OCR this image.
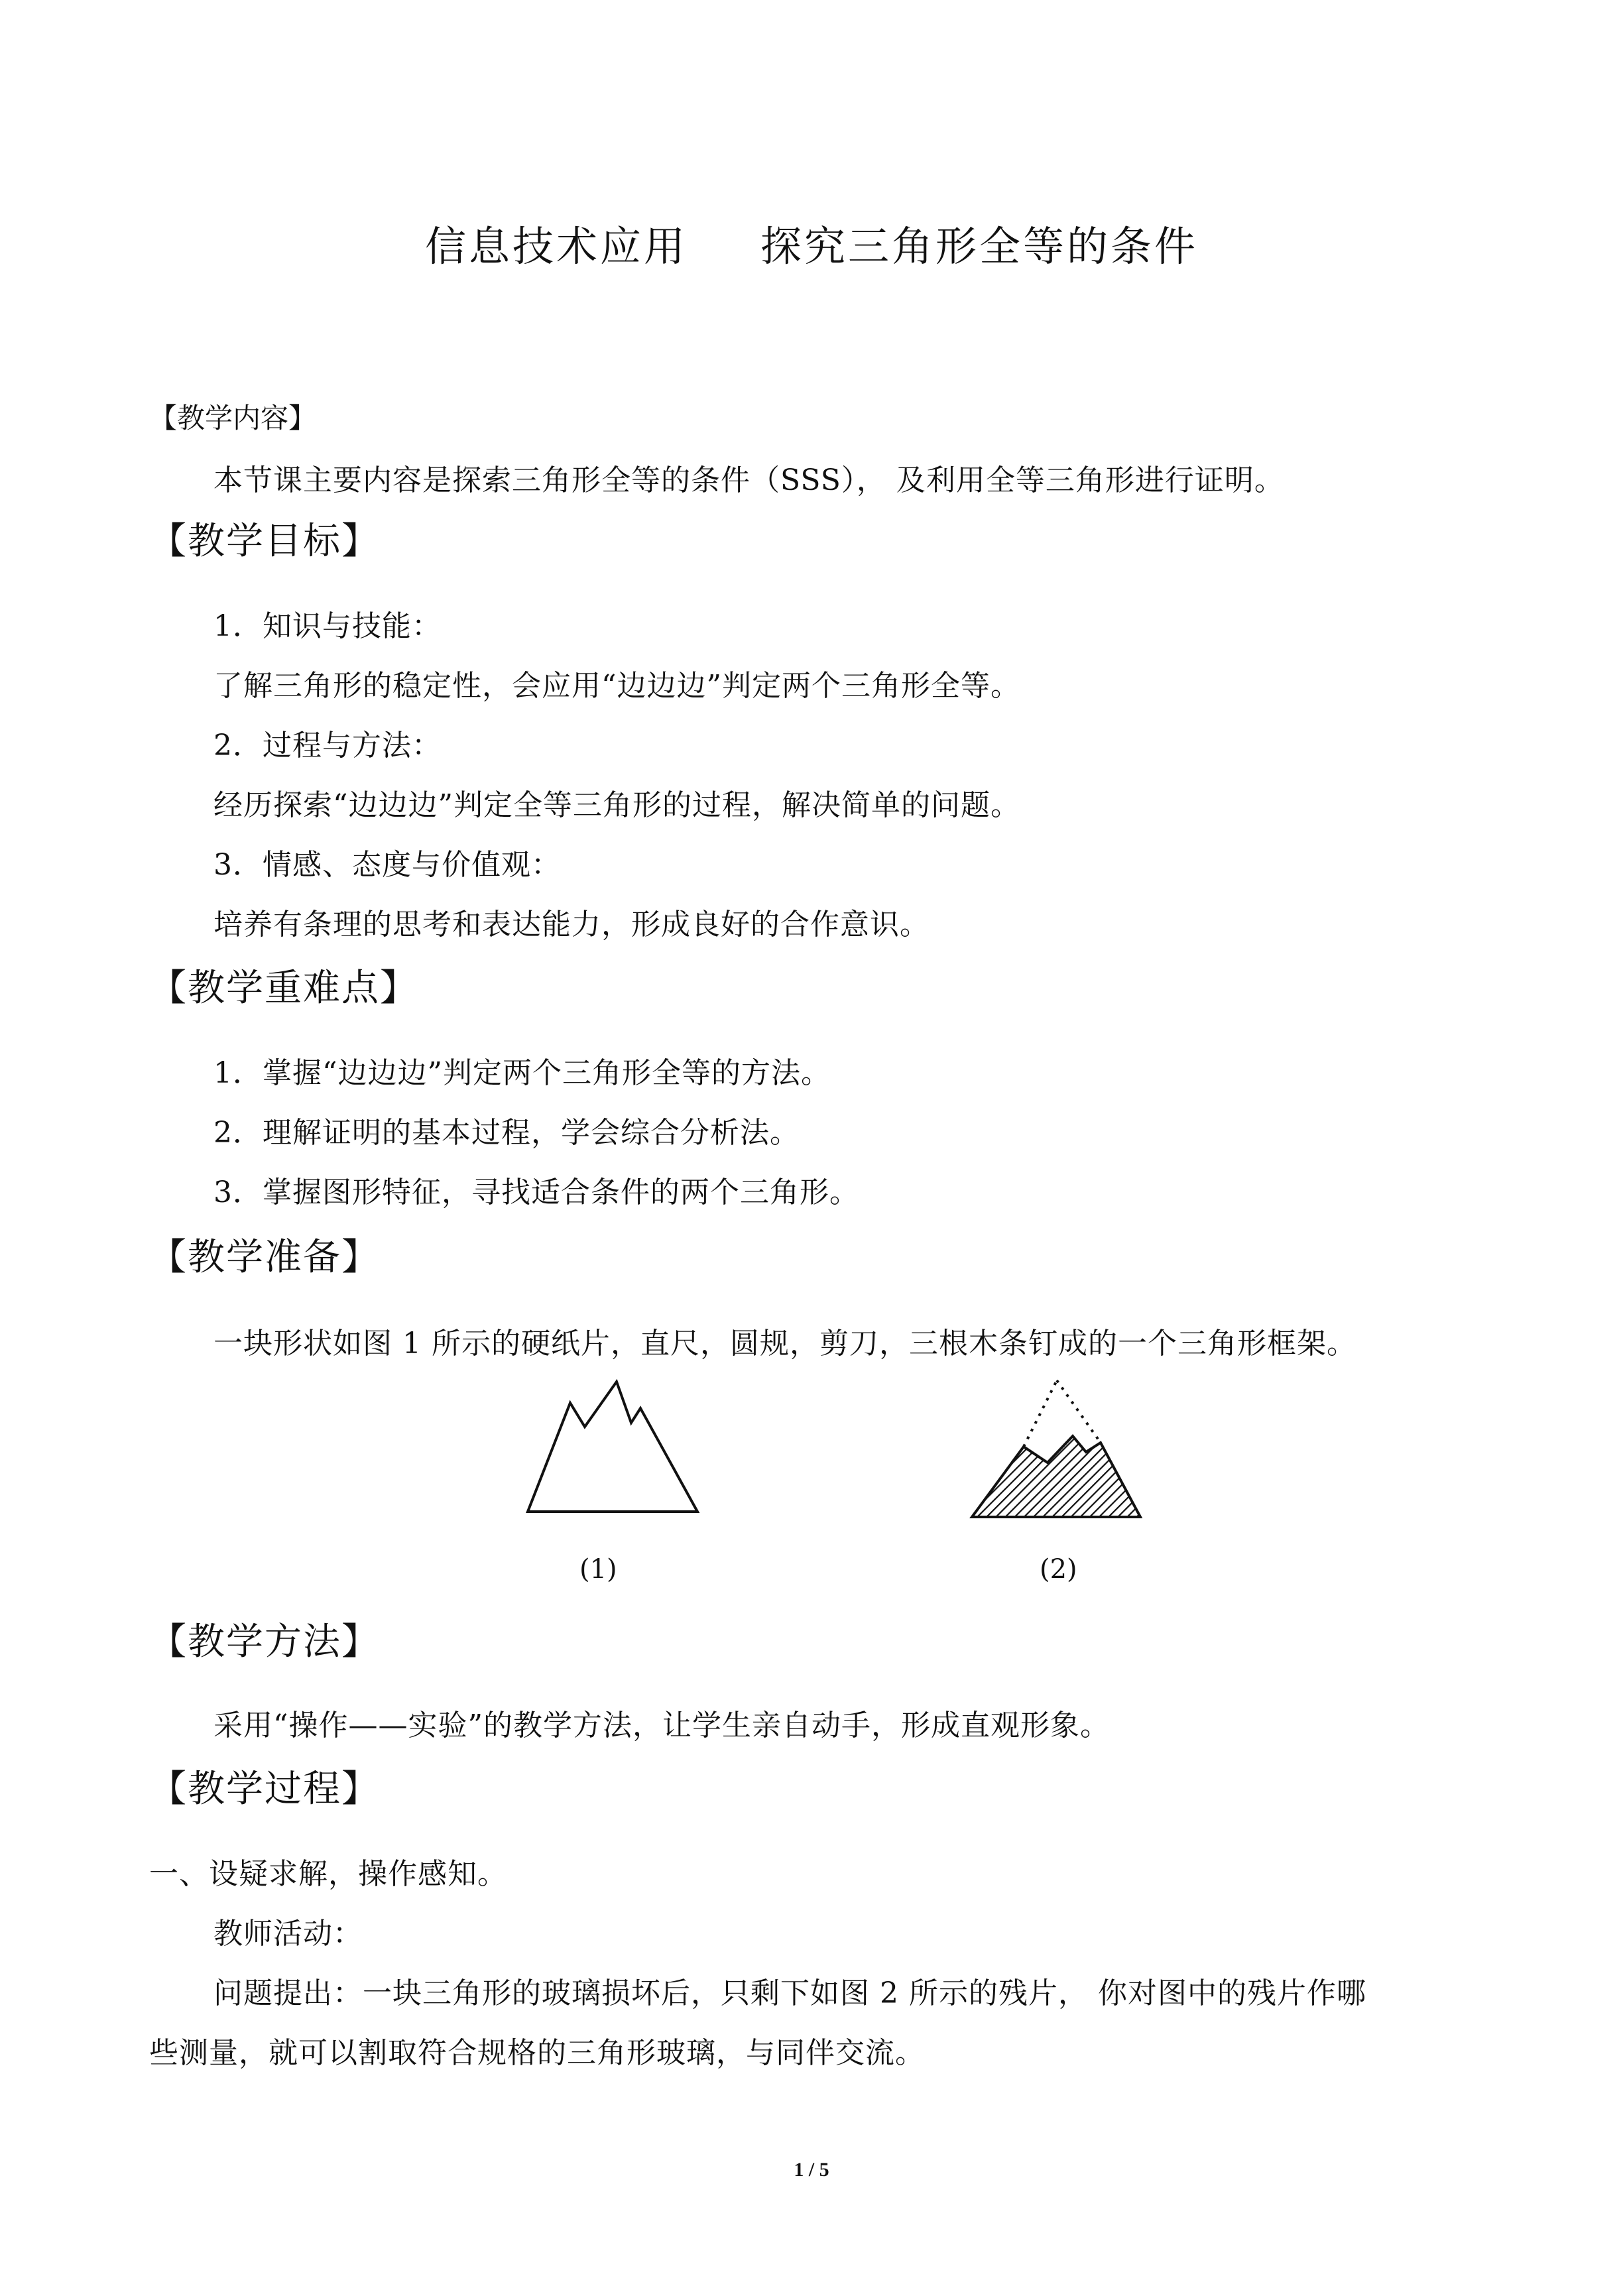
信息技术应用 探究三角形全等的条件
【教学内容】
本节课主要内容是探索三角形全等的条件（SSS）， 及利用全等三角形进行证明。
【教学目标】
1．知识与技能：
了解三角形的稳定性，会应用“边边边”判定两个三角形全等。
2．过程与方法：
经历探索“边边边”判定全等三角形的过程，解决简单的问题。
3．情感、态度与价值观：
培养有条理的思考和表达能力，形成良好的合作意识。
【教学重难点】
1．掌握“边边边”判定两个三角形全等的方法。
2．理解证明的基本过程，学会综合分析法。
3．掌握图形特征，寻找适合条件的两个三角形。
【教学准备】
一块形状如图 1 所示的硬纸片，直尺，圆规，剪刀，三根木条钉成的一个三角形框架。
(1)	(2)
【教学方法】
采用“操作——实验”的教学方法，让学生亲自动手，形成直观形象。
【教学过程】
一、设疑求解，操作感知。
教师活动：
问题提出：一块三角形的玻璃损坏后，只剩下如图 2 所示的残片， 你对图中的残片作哪
些测量，就可以割取符合规格的三角形玻璃，与同伴交流。
1 / 5
